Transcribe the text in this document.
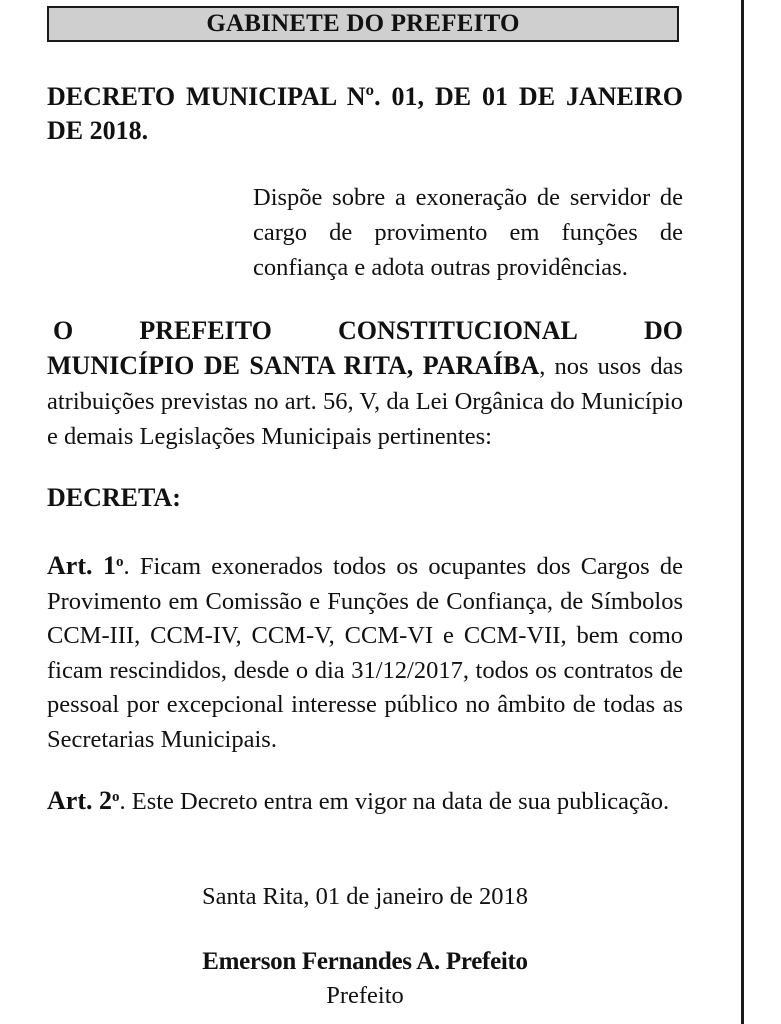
GABINETE DO PREFEITO
DECRETO MUNICIPAL Nº. 01, DE 01 DE JANEIRO DE 2018.
Dispõe sobre a exoneração de servidor de cargo de provimento em funções de confiança e adota outras providências.
O	PREFEITO	CONSTITUCIONAL	DO
MUNICÍPIO DE SANTA RITA, PARAÍBA, nos usos das atribuições previstas no art. 56, V, da Lei Orgânica do Município e demais Legislações Municipais pertinentes:
DECRETA:
Art. 1$^o$. Ficam exonerados todos os ocupantes dos Cargos de Provimento em Comissão e Funções de Confiança, de Símbolos CCM-III, CCM-IV, CCM-V, CCM-VI e CCM-VII, bem como ficam rescindidos, desde o dia 31/12/2017, todos os contratos de pessoal por excepcional interesse público no âmbito de todas as Secretarias Municipais.
Art. 2$^o$. Este Decreto entra em vigor na data de sua publicação.
Santa Rita, 01 de janeiro de 2018
Emerson Fernandes A. Prefeito
Prefeito
